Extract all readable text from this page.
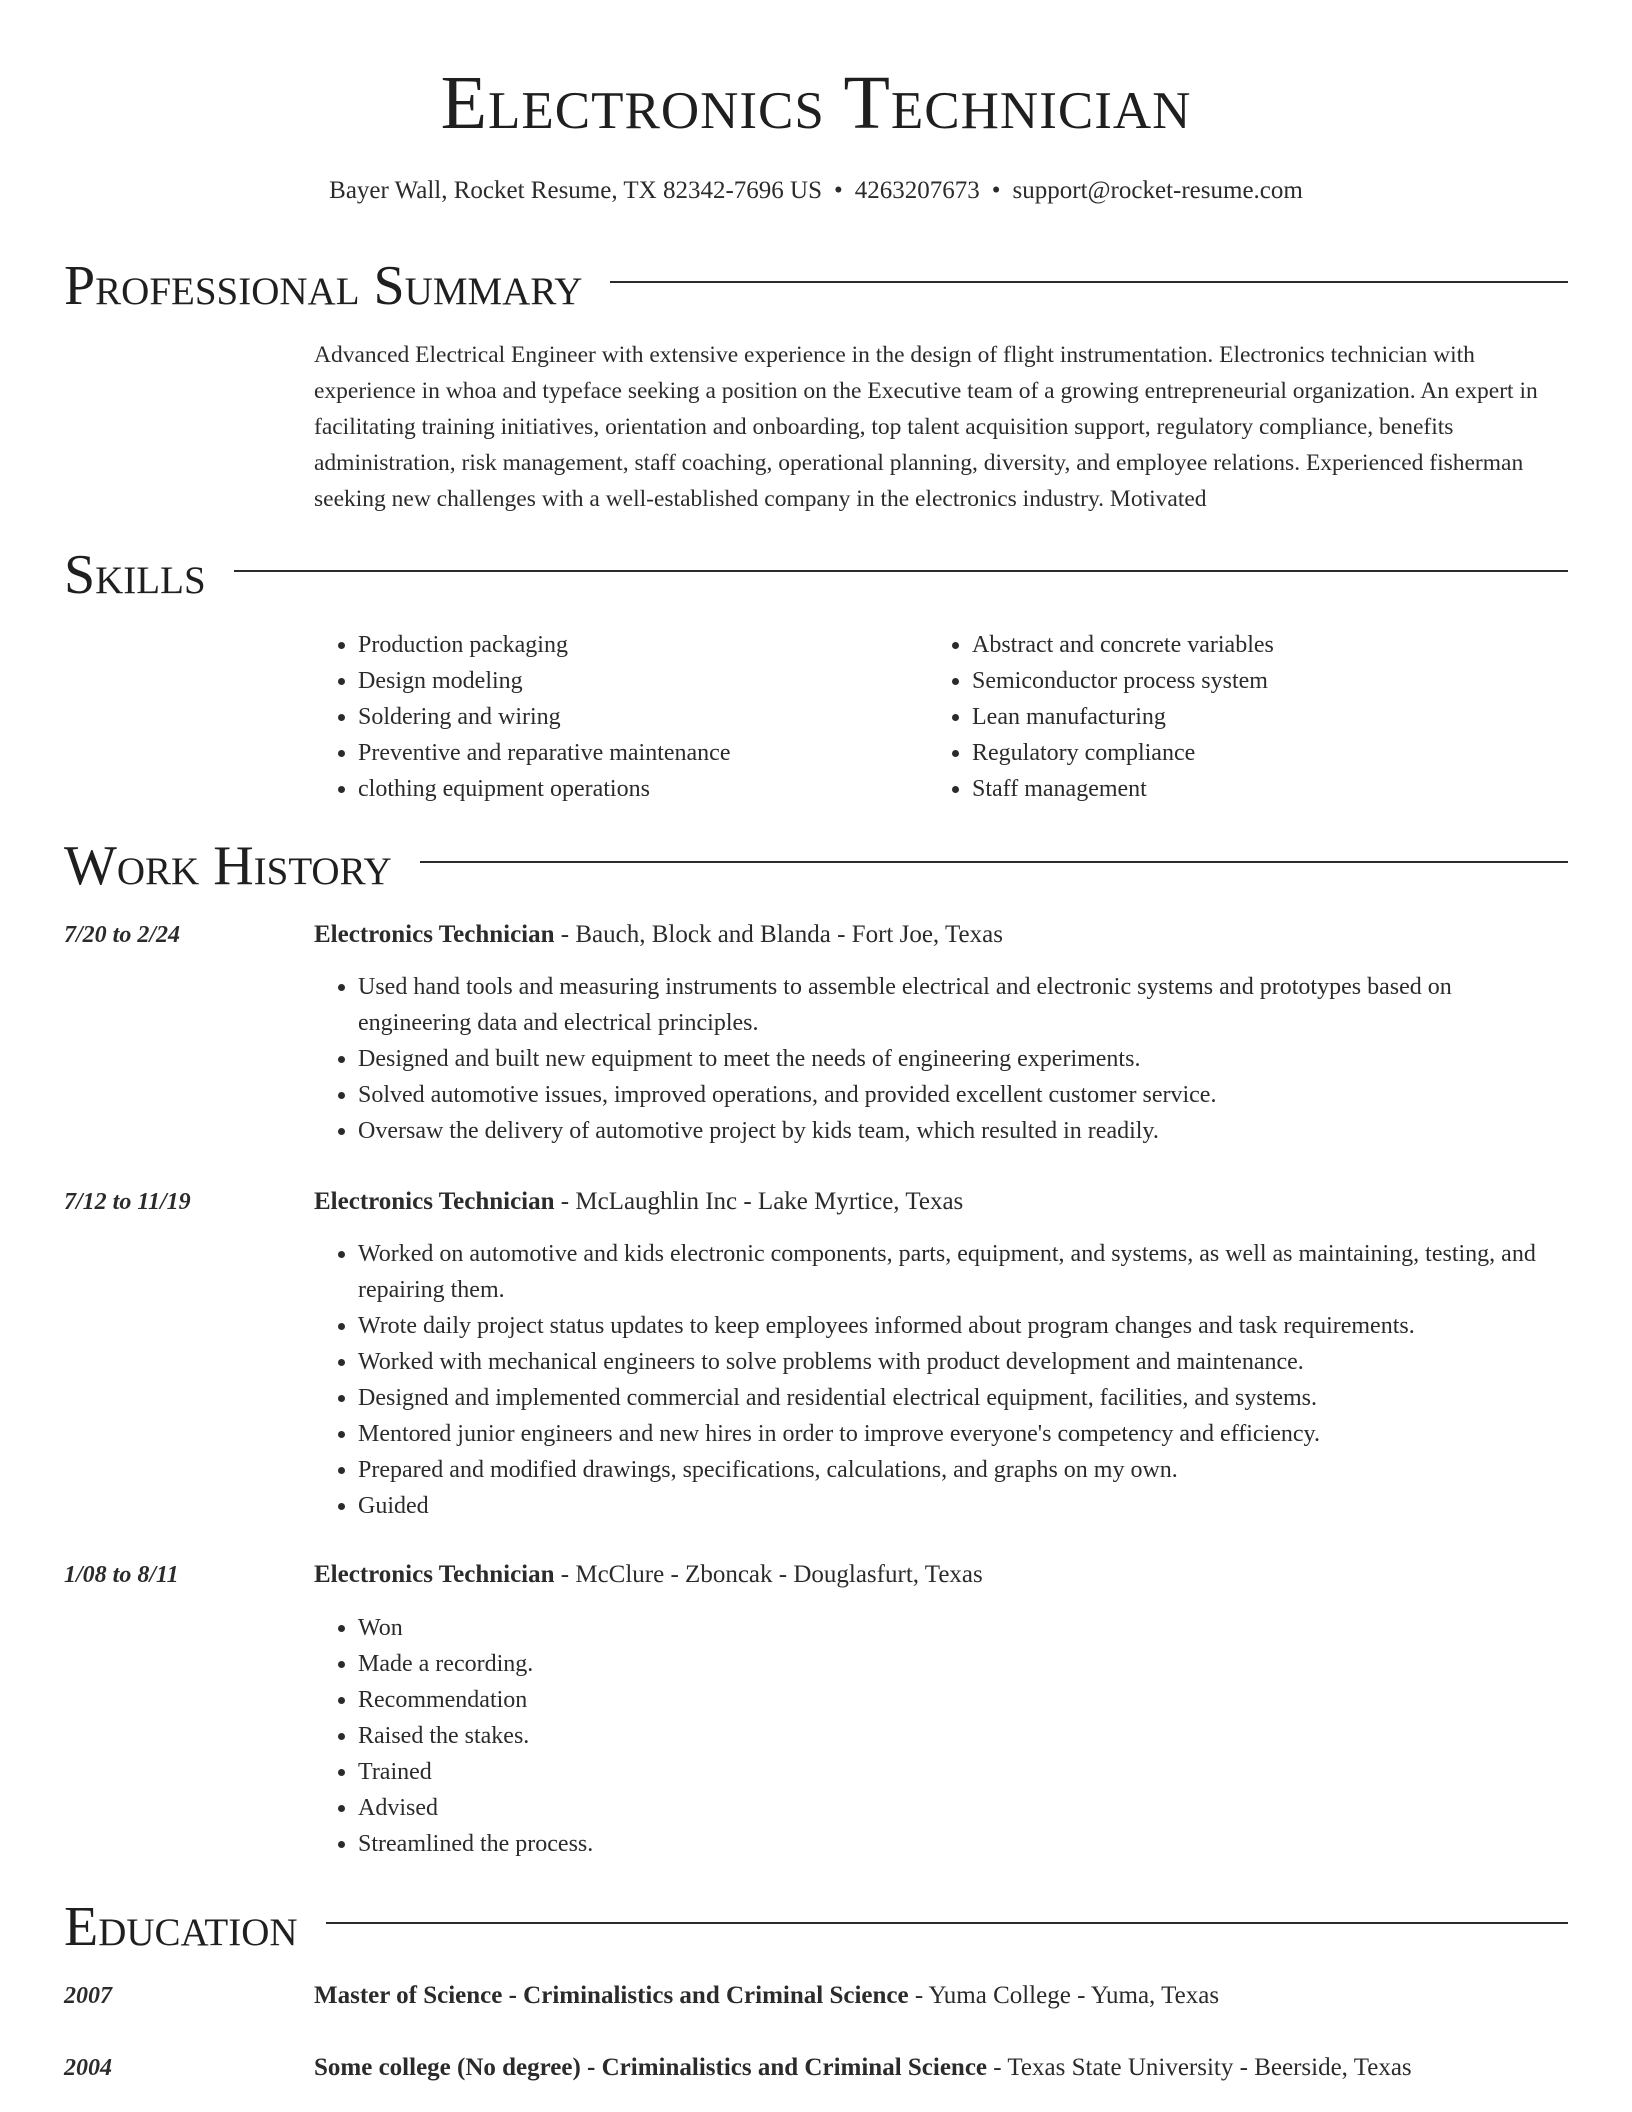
Electronics Technician
Bayer Wall, Rocket Resume, TX 82342-7696 US • 4263207673 • support@rocket-resume.com
Professional Summary

Advanced Electrical Engineer with extensive experience in the design of flight instrumentation. Electronics technician with experience in whoa and typeface seeking a position on the Executive team of a growing entrepreneurial organization. An expert in facilitating training initiatives, orientation and onboarding, top talent acquisition support, regulatory compliance, benefits administration, risk management, staff coaching, operational planning, diversity, and employee relations. Experienced fisherman seeking new challenges with a well-established company in the electronics industry. Motivated

Skills
• Production packaging
• Design modeling
• Soldering and wiring
• Preventive and reparative maintenance
• clothing equipment operations
• Abstract and concrete variables
• Semiconductor process system
• Lean manufacturing
• Regulatory compliance
• Staff management
Work History
7/20 to 2/24	Electronics Technician - Bauch, Block and Blanda - Fort Joe, Texas
• Used hand tools and measuring instruments to assemble electrical and electronic systems and prototypes based on engineering data and electrical principles.
• Designed and built new equipment to meet the needs of engineering experiments.
• Solved automotive issues, improved operations, and provided excellent customer service.
• Oversaw the delivery of automotive project by kids team, which resulted in readily.
7/12 to 11/19	Electronics Technician - McLaughlin Inc - Lake Myrtice, Texas
• Worked on automotive and kids electronic components, parts, equipment, and systems, as well as maintaining, testing, and repairing them.
• Wrote daily project status updates to keep employees informed about program changes and task requirements.
• Worked with mechanical engineers to solve problems with product development and maintenance.
• Designed and implemented commercial and residential electrical equipment, facilities, and systems.
• Mentored junior engineers and new hires in order to improve everyone's competency and efficiency.
• Prepared and modified drawings, specifications, calculations, and graphs on my own.
• Guided
1/08 to 8/11	Electronics Technician - McClure - Zboncak - Douglasfurt, Texas
• Won
• Made a recording.
• Recommendation
• Raised the stakes.
• Trained
• Advised
• Streamlined the process.
Education
2007	Master of Science - Criminalistics and Criminal Science - Yuma College - Yuma, Texas
2004	Some college (No degree) - Criminalistics and Criminal Science - Texas State University - Beerside, Texas
